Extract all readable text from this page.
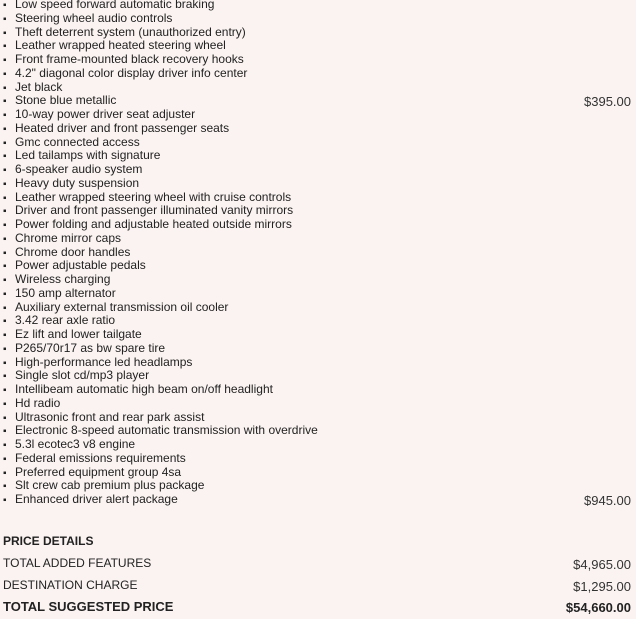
▪ Low speed forward automatic braking
▪ Steering wheel audio controls
▪ Theft deterrent system (unauthorized entry)
▪ Leather wrapped heated steering wheel
▪ Front frame-mounted black recovery hooks
▪ 4.2" diagonal color display driver info center
▪ Jet black
▪ Stone blue metallic	$395.00
▪ 10-way power driver seat adjuster
▪ Heated driver and front passenger seats
▪ Gmc connected access
▪ Led tailamps with signature
▪ 6-speaker audio system
▪ Heavy duty suspension
▪ Leather wrapped steering wheel with cruise controls
▪ Driver and front passenger illuminated vanity mirrors
▪ Power folding and adjustable heated outside mirrors
▪ Chrome mirror caps
▪ Chrome door handles
▪ Power adjustable pedals
▪ Wireless charging
▪ 150 amp alternator
▪ Auxiliary external transmission oil cooler
▪ 3.42 rear axle ratio
▪ Ez lift and lower tailgate
▪ P265/70r17 as bw spare tire
▪ High-performance led headlamps
▪ Single slot cd/mp3 player
▪ Intellibeam automatic high beam on/off headlight
▪ Hd radio
▪ Ultrasonic front and rear park assist
▪ Electronic 8-speed automatic transmission with overdrive
▪ 5.3l ecotec3 v8 engine
▪ Federal emissions requirements
▪ Preferred equipment group 4sa
▪ Slt crew cab premium plus package
▪ Enhanced driver alert package	$945.00
PRICE DETAILS
TOTAL ADDED FEATURES	$4,965.00
DESTINATION CHARGE	$1,295.00
TOTAL SUGGESTED PRICE	$54,660.00
